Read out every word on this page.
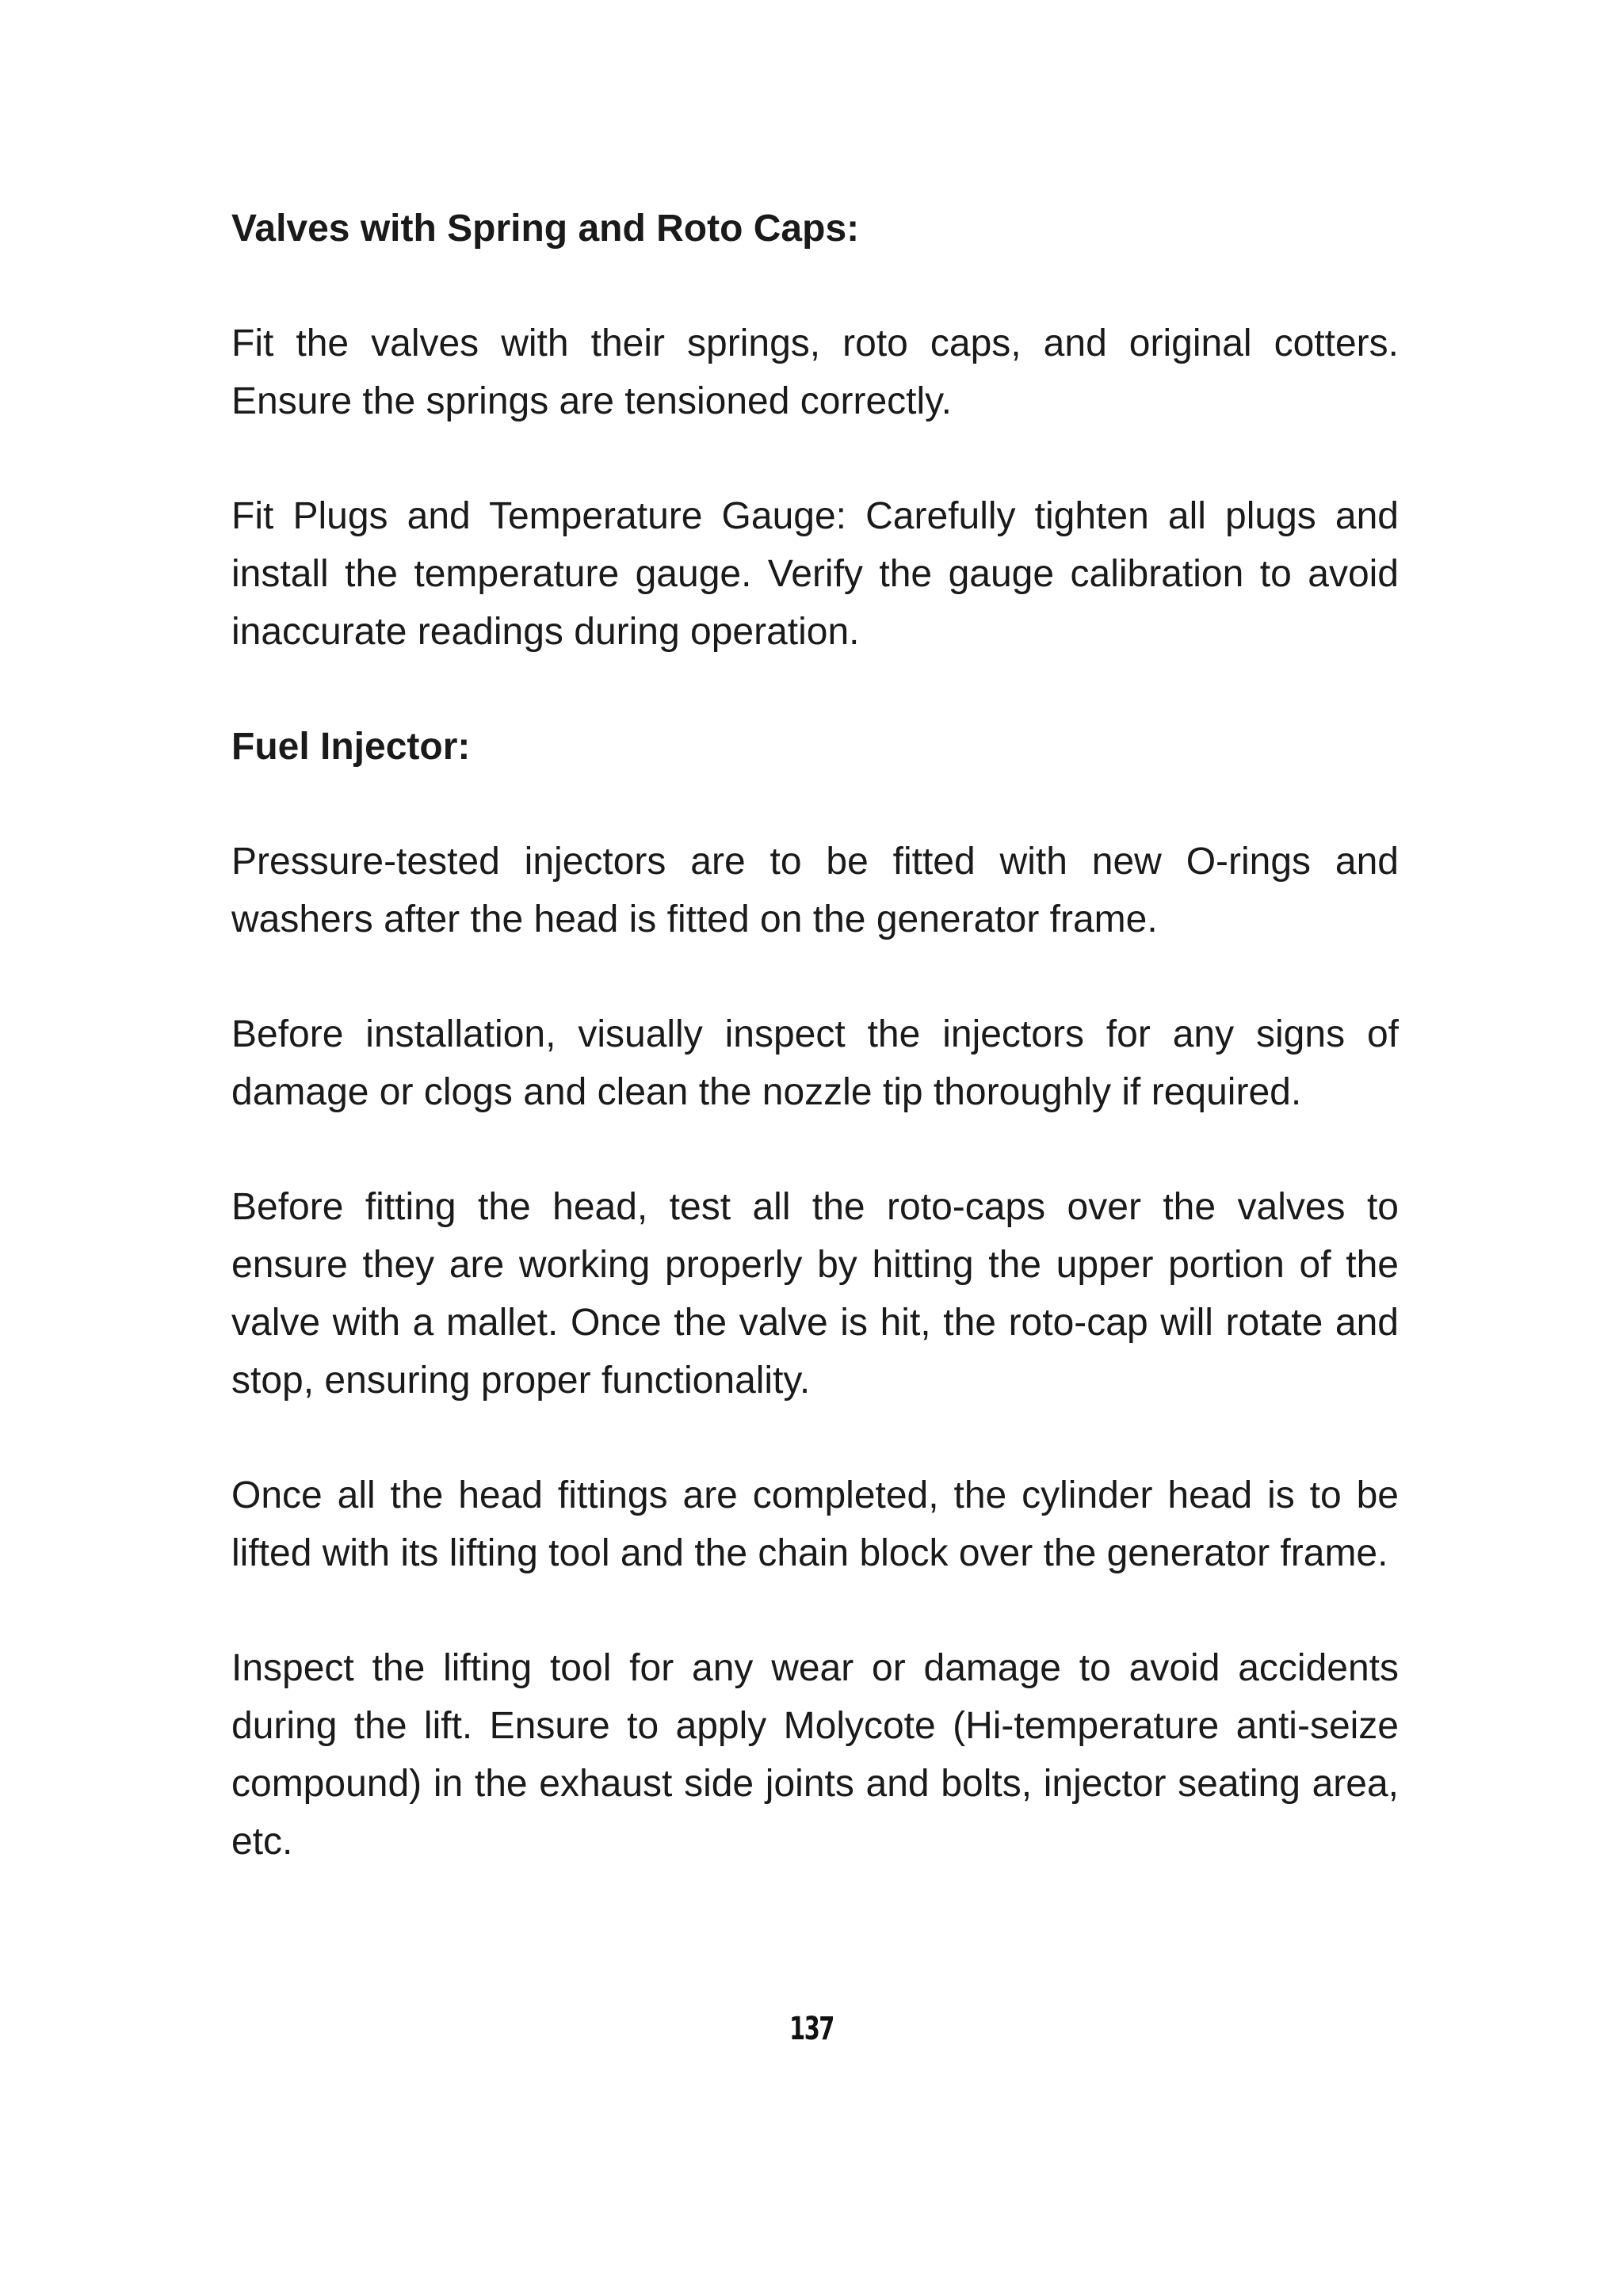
Valves with Spring and Roto Caps:

Fit the valves with their springs, roto caps, and original cotters. Ensure the springs are tensioned correctly.

Fit Plugs and Temperature Gauge: Carefully tighten all plugs and install the temperature gauge. Verify the gauge calibration to avoid inaccurate readings during operation.

Fuel Injector:

Pressure-tested injectors are to be fitted with new O-rings and washers after the head is fitted on the generator frame.

Before installation, visually inspect the injectors for any signs of damage or clogs and clean the nozzle tip thoroughly if required.

Before fitting the head, test all the roto-caps over the valves to ensure they are working properly by hitting the upper portion of the valve with a mallet. Once the valve is hit, the roto-cap will rotate and stop, ensuring proper functionality.

Once all the head fittings are completed, the cylinder head is to be lifted with its lifting tool and the chain block over the generator frame.

Inspect the lifting tool for any wear or damage to avoid accidents during the lift. Ensure to apply Molycote (Hi-temperature anti-seize compound) in the exhaust side joints and bolts, injector seating area, etc.

137
